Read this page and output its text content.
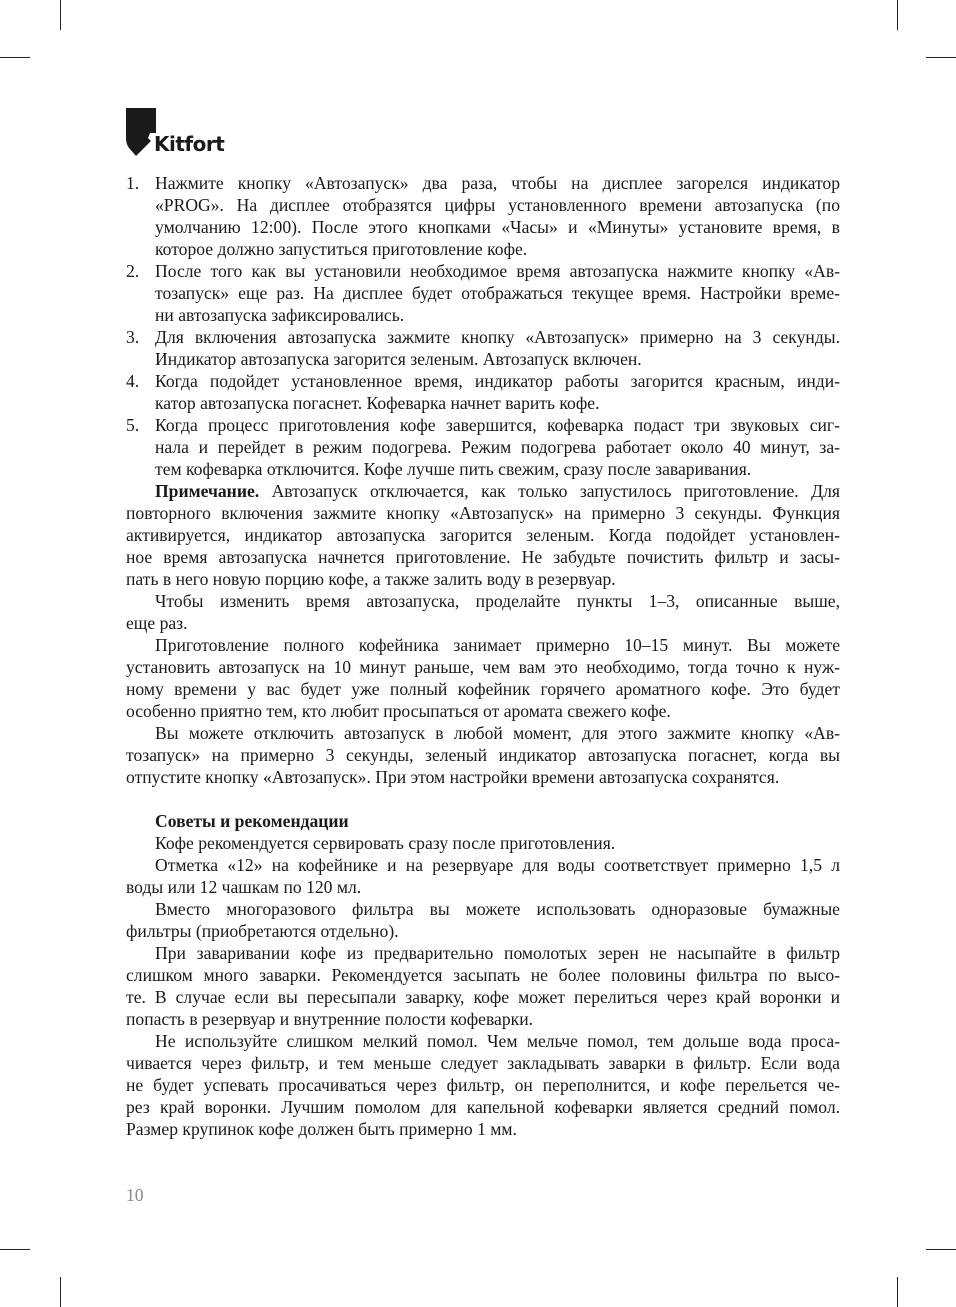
Kitfort
1. Нажмите кнопку «Автозапуск» два раза, чтобы на дисплее загорелся индикатор
«PROG». На дисплее отобразятся цифры установленного времени автозапуска (по
умолчанию 12:00). После этого кнопками «Часы» и «Минуты» установите время, в
которое должно запуститься приготовление кофе.
2. После того как вы установили необходимое время автозапуска нажмите кнопку «Ав-
тозапуск» еще раз. На дисплее будет отображаться текущее время. Настройки време-
ни автозапуска зафиксировались.
3. Для включения автозапуска зажмите кнопку «Автозапуск» примерно на 3 секунды.
Индикатор автозапуска загорится зеленым. Автозапуск включен.
4. Когда подойдет установленное время, индикатор работы загорится красным, инди-
катор автозапуска погаснет. Кофеварка начнет варить кофе.
5. Когда процесс приготовления кофе завершится, кофеварка подаст три звуковых сиг-
нала и перейдет в режим подогрева. Режим подогрева работает около 40 минут, за-
тем кофеварка отключится. Кофе лучше пить свежим, сразу после заваривания.
Примечание. Автозапуск отключается, как только запустилось приготовление. Для
повторного включения зажмите кнопку «Автозапуск» на примерно 3 секунды. Функция
активируется, индикатор автозапуска загорится зеленым. Когда подойдет установлен-
ное время автозапуска начнется приготовление. Не забудьте почистить фильтр и засы-
пать в него новую порцию кофе, а также залить воду в резервуар.
Чтобы изменить время автозапуска, проделайте пункты 1–3, описанные выше,
еще раз.
Приготовление полного кофейника занимает примерно 10–15 минут. Вы можете
установить автозапуск на 10 минут раньше, чем вам это необходимо, тогда точно к нуж-
ному времени у вас будет уже полный кофейник горячего ароматного кофе. Это будет
особенно приятно тем, кто любит просыпаться от аромата свежего кофе.
Вы можете отключить автозапуск в любой момент, для этого зажмите кнопку «Ав-
тозапуск» на примерно 3 секунды, зеленый индикатор автозапуска погаснет, когда вы
отпустите кнопку «Автозапуск». При этом настройки времени автозапуска сохранятся.
Советы и рекомендации
Кофе рекомендуется сервировать сразу после приготовления.
Отметка «12» на кофейнике и на резервуаре для воды соответствует примерно 1,5 л
воды или 12 чашкам по 120 мл.
Вместо многоразового фильтра вы можете использовать одноразовые бумажные
фильтры (приобретаются отдельно).
При заваривании кофе из предварительно помолотых зерен не насыпайте в фильтр
слишком много заварки. Рекомендуется засыпать не более половины фильтра по высо-
те. В случае если вы пересыпали заварку, кофе может перелиться через край воронки и
попасть в резервуар и внутренние полости кофеварки.
Не используйте слишком мелкий помол. Чем мельче помол, тем дольше вода проса-
чивается через фильтр, и тем меньше следует закладывать заварки в фильтр. Если вода
не будет успевать просачиваться через фильтр, он переполнится, и кофе перельется че-
рез край воронки. Лучшим помолом для капельной кофеварки является средний помол.
Размер крупинок кофе должен быть примерно 1 мм.
10
